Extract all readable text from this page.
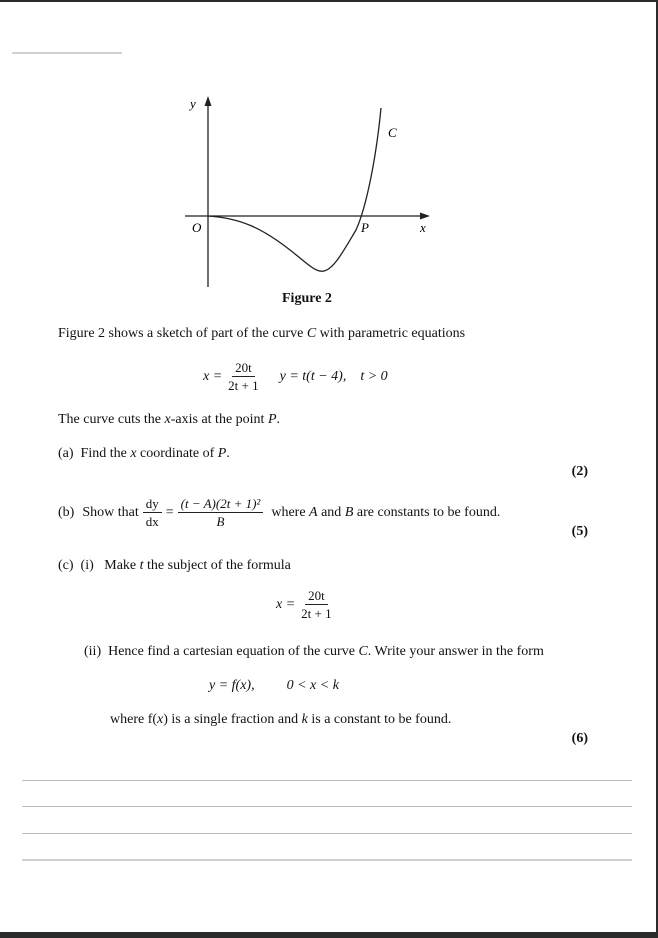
y
x
O	P
C
Figure 2
Figure 2 shows a sketch of part of the curve C with parametric equations
$x = \frac{20t}{2t + 1}$ y = t(t − 4), t > 0
The curve cuts the x-axis at the point P.
(a) Find the x coordinate of P.
(2)
(b) Show that $\frac{dy}{dx} = \frac{\text{(t − A)(2t + 1)²}}{B}$ where A and B are constants to be found.
(5)
(c) (i) Make t the subject of the formula
$x = \frac{20t}{2t + 1}$
(ii) Hence find a cartesian equation of the curve C. Write your answer in the form
y = f(x), 0 < x < k
where f(x) is a single fraction and k is a constant to be found.
(6)
